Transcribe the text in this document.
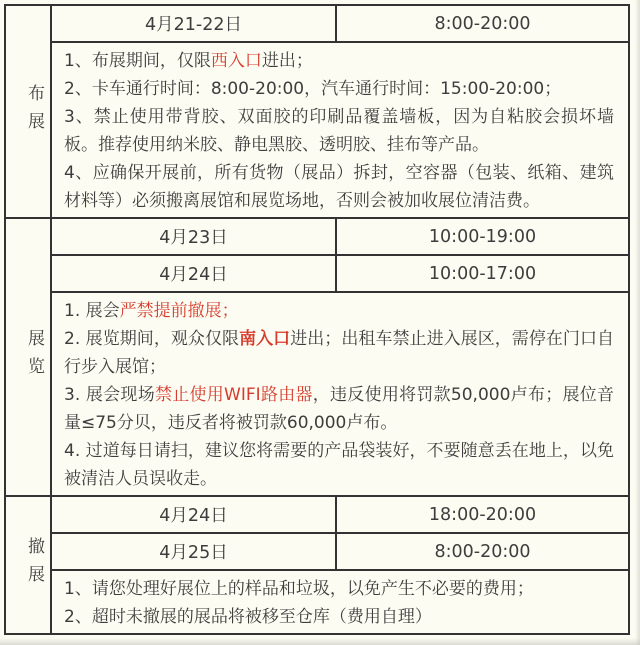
布展
4月21-22日	8:00-20:00
1、布展期间，仅限西入口进出；
2、卡车通行时间：8:00-20:00，汽车通行时间：15:00-20:00；
3、禁止使用带背胶、双面胶的印刷品覆盖墙板，因为自粘胶会损坏墙板。推荐使用纳米胶、静电黑胶、透明胶、挂布等产品。
4、应确保开展前，所有货物（展品）拆封，空容器（包装、纸箱、建筑材料等）必须搬离展馆和展览场地，否则会被加收展位清洁费。
展览
4月23日	10:00-19:00
4月24日	10:00-17:00
1. 展会严禁提前撤展；
2. 展览期间，观众仅限南入口进出；出租车禁止进入展区，需停在门口自行步入展馆；
3. 展会现场禁止使用WIFI路由器，违反使用将罚款50,000卢布；展位音量≤75分贝，违反者将被罚款60,000卢布。
4. 过道每日请扫，建议您将需要的产品袋装好，不要随意丢在地上，以免被清洁人员误收走。
撤展
4月24日	18:00-20:00
4月25日	8:00-20:00
1、请您处理好展位上的样品和垃圾，以免产生不必要的费用；
2、超时未撤展的展品将被移至仓库（费用自理）
